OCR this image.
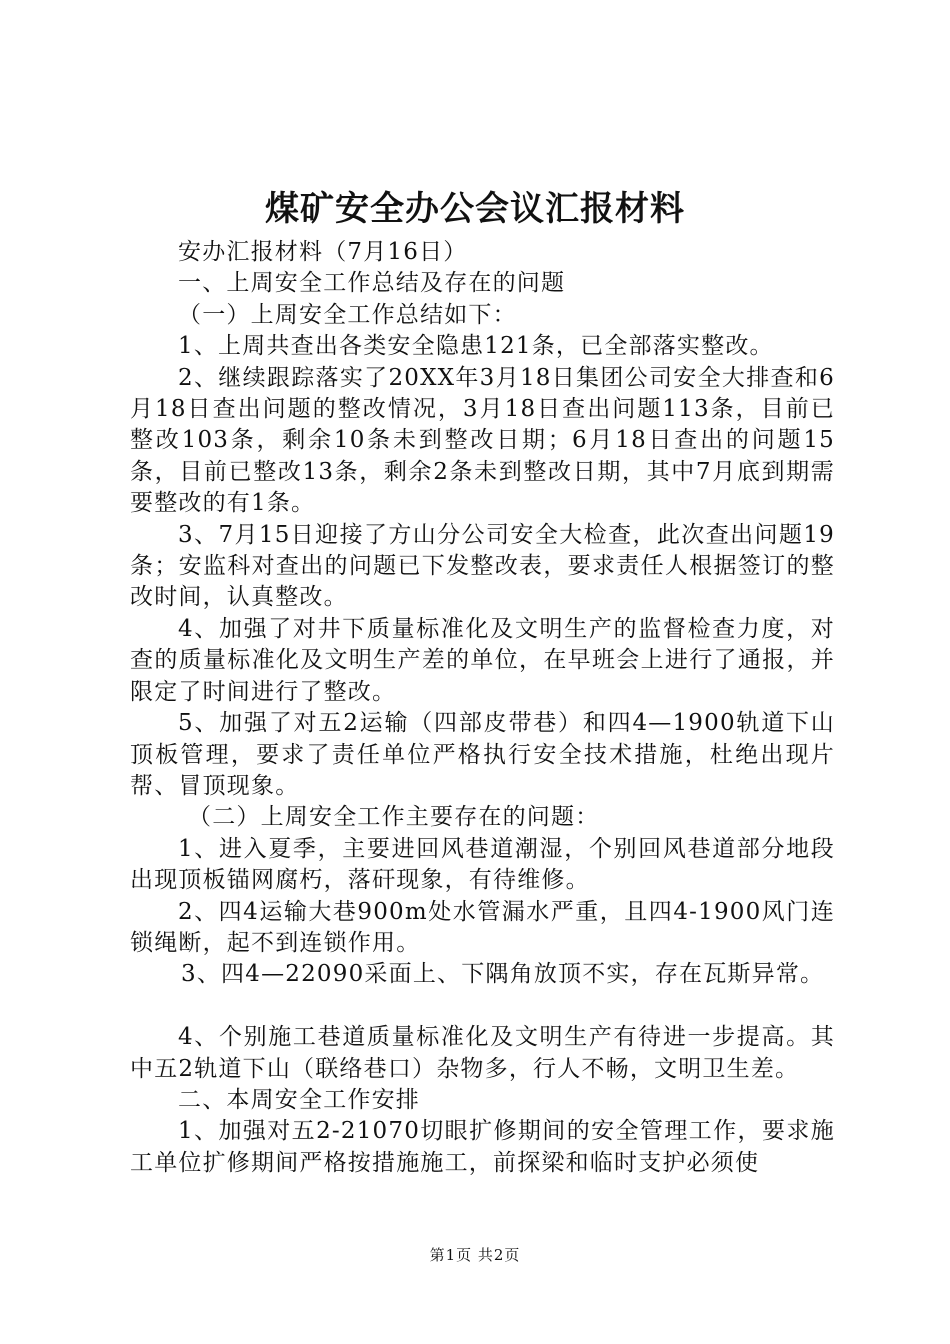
煤矿安全办公会议汇报材料

安办汇报材料（7月16日）

一、上周安全工作总结及存在的问题

（一）上周安全工作总结如下：

1、上周共查出各类安全隐患121条，已全部落实整改。

2、继续跟踪落实了20XX年3月18日集团公司安全大排查和6月18日查出问题的整改情况，3月18日查出问题113条，目前已整改103条，剩余10条未到整改日期；6月18日查出的问题15条，目前已整改13条，剩余2条未到整改日期，其中7月底到期需要整改的有1条。

3、7月15日迎接了方山分公司安全大检查，此次查出问题19条；安监科对查出的问题已下发整改表，要求责任人根据签订的整改时间，认真整改。

4、加强了对井下质量标准化及文明生产的监督检查力度，对查的质量标准化及文明生产差的单位，在早班会上进行了通报，并限定了时间进行了整改。

5、加强了对五2运输（四部皮带巷）和四4—1900轨道下山顶板管理，要求了责任单位严格执行安全技术措施，杜绝出现片帮、冒顶现象。

（二）上周安全工作主要存在的问题：

1、进入夏季，主要进回风巷道潮湿，个别回风巷道部分地段出现顶板锚网腐朽，落矸现象，有待维修。

2、四4运输大巷900m处水管漏水严重，且四4-1900风门连锁绳断，起不到连锁作用。

3、四4—22090采面上、下隅角放顶不实，存在瓦斯异常。

4、个别施工巷道质量标准化及文明生产有待进一步提高。其中五2轨道下山（联络巷口）杂物多，行人不畅，文明卫生差。

二、本周安全工作安排

1、加强对五2-21070切眼扩修期间的安全管理工作，要求施工单位扩修期间严格按措施施工，前探梁和临时支护必须使

第1页 共2页
